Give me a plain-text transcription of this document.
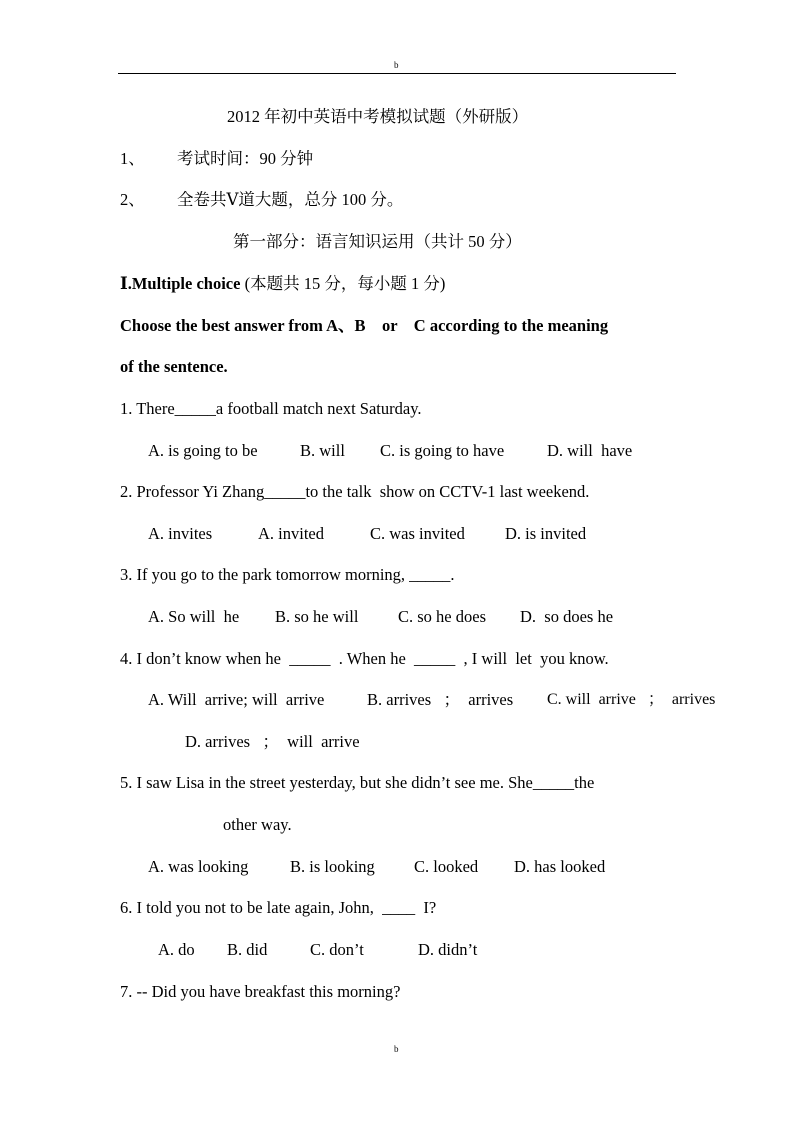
b
2012 年初中英语中考模拟试题（外研版）
1、 考试时间：90 分钟
2、 全卷共Ⅴ道大题，总分 100 分。
第一部分：语言知识运用（共计 50 分）
Ⅰ.Multiple choice (本题共 15 分，每小题 1 分)
Choose the best answer from A、B    or    C according to the meaning
of the sentence.
1. There_____a football match next Saturday.
A. is going to be	B. will C. is going to have	D. will  have
2. Professor Yi Zhang_____to the talk  show on CCTV-1 last weekend.
A. invites	A. invited	C. was invited D. is invited
3. If you go to the park tomorrow morning, _____.
A. So will  he B. so he will C. so he does D.  so does he
4. I don’t know when he  _____  . When he  _____  , I will  let  you know.
A. Will  arrive; will  arrive	B. arrives   ；  arrives C. will  arrive   ；  arrives
D. arrives   ；  will  arrive
5. I saw Lisa in the street yesterday, but she didn’t see me. She_____the
other way.
A. was looking	B. is looking C. looked D. has looked
6. I told you not to be late again, John,  ____  I?
A. do B. did	C. don’t	D. didn’t
7. -- Did you have breakfast this morning?
b
